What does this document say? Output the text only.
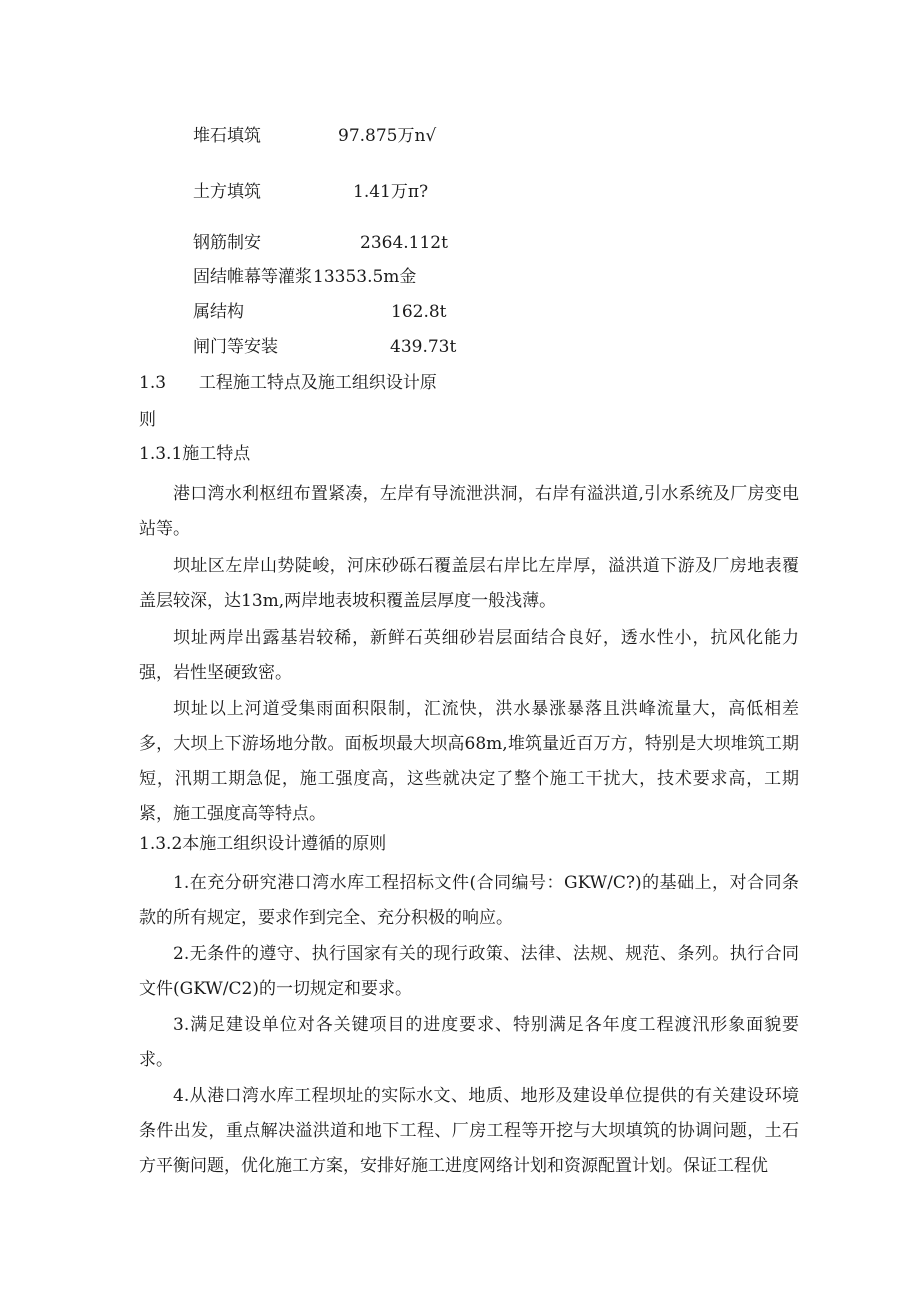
堆石填筑	97.875万n√
土方填筑	1.41万π?
钢筋制安	2364.112t
固结帷幕等灌浆 13353.5m金
属结构	162.8t
闸门等安装	439.73t
1.3 工程施工特点及施工组织设计原
则
1.3.1施工特点
港口湾水利枢纽布置紧凑，左岸有导流泄洪洞，右岸有溢洪道,引水系统及厂房变电站等。
坝址区左岸山势陡峻，河床砂砾石覆盖层右岸比左岸厚，溢洪道下游及厂房地表覆盖层较深，达13m,两岸地表坡积覆盖层厚度一般浅薄。
坝址两岸出露基岩较稀，新鲜石英细砂岩层面结合良好，透水性小，抗风化能力强，岩性坚硬致密。
坝址以上河道受集雨面积限制，汇流快，洪水暴涨暴落且洪峰流量大，高低相差多，大坝上下游场地分散。面板坝最大坝高68m,堆筑量近百万方，特别是大坝堆筑工期短，汛期工期急促，施工强度高，这些就决定了整个施工干扰大，技术要求高，工期紧，施工强度高等特点。
1.3.2本施工组织设计遵循的原则
1.在充分研究港口湾水库工程招标文件(合同编号：GKW/C?)的基础上，对合同条款的所有规定，要求作到完全、充分积极的响应。
2.无条件的遵守、执行国家有关的现行政策、法律、法规、规范、条列。执行合同文件(GKW/C2)的一切规定和要求。
3.满足建设单位对各关键项目的进度要求、特别满足各年度工程渡汛形象面貌要求。
4.从港口湾水库工程坝址的实际水文、地质、地形及建设单位提供的有关建设环境条件出发，重点解决溢洪道和地下工程、厂房工程等开挖与大坝填筑的协调问题，土石方平衡问题，优化施工方案，安排好施工进度网络计划和资源配置计划。保证工程优
